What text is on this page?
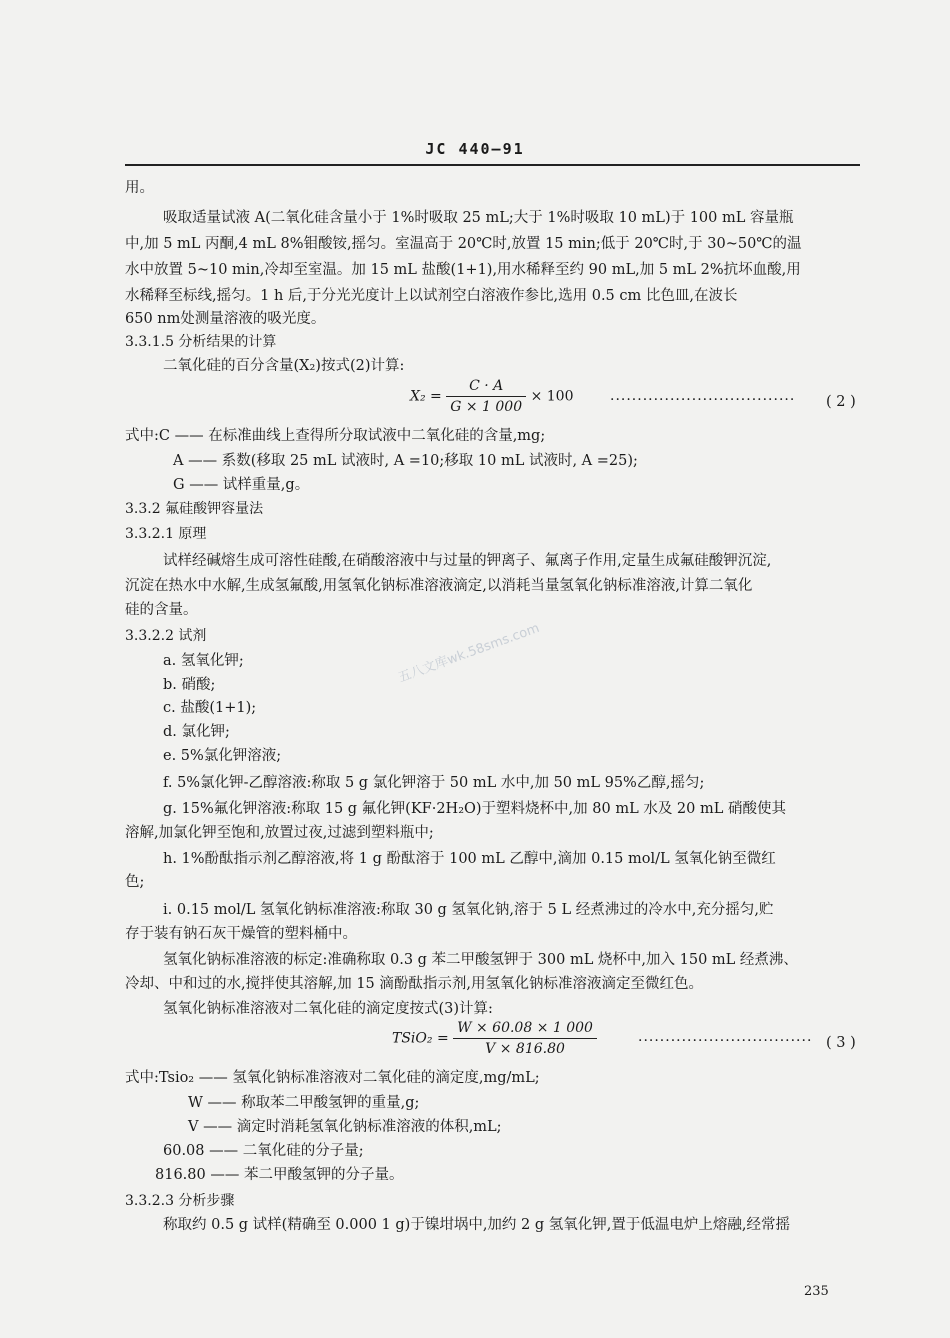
JC 440—91
用。
吸取适量试液 A(二氧化硅含量小于 1%时吸取 25 mL;大于 1%时吸取 10 mL)于 100 mL 容量瓶
中,加 5 mL 丙酮,4 mL 8%钼酸铵,摇匀。室温高于 20℃时,放置 15 min;低于 20℃时,于 30~50℃的温
水中放置 5~10 min,冷却至室温。加 15 mL 盐酸(1+1),用水稀释至约 90 mL,加 5 mL 2%抗坏血酸,用
水稀释至标线,摇匀。1 h 后,于分光光度计上以试剂空白溶液作参比,选用 0.5 cm 比色皿,在波长
650 nm处测量溶液的吸光度。
3.3.1.5 分析结果的计算
二氧化硅的百分含量(X₂)按式(2)计算:
$X_2 = \frac{C \cdot A}{G \times 1 000} \times 100$	·································· ( 2 )
式中:C —— 在标准曲线上查得所分取试液中二氧化硅的含量,mg;
A —— 系数(移取 25 mL 试液时, A =10;移取 10 mL 试液时, A =25);
G —— 试样重量,g。
3.3.2 氟硅酸钾容量法
3.3.2.1 原理
试样经碱熔生成可溶性硅酸,在硝酸溶液中与过量的钾离子、氟离子作用,定量生成氟硅酸钾沉淀,
沉淀在热水中水解,生成氢氟酸,用氢氧化钠标准溶液滴定,以消耗当量氢氧化钠标准溶液,计算二氧化
硅的含量。
3.3.2.2 试剂
a. 氢氧化钾;
b. 硝酸;
c. 盐酸(1+1);
d. 氯化钾;
e. 5%氯化钾溶液;
f. 5%氯化钾-乙醇溶液:称取 5 g 氯化钾溶于 50 mL 水中,加 50 mL 95%乙醇,摇匀;
g. 15%氟化钾溶液:称取 15 g 氟化钾(KF·2H₂O)于塑料烧杯中,加 80 mL 水及 20 mL 硝酸使其
溶解,加氯化钾至饱和,放置过夜,过滤到塑料瓶中;
h. 1%酚酞指示剂乙醇溶液,将 1 g 酚酞溶于 100 mL 乙醇中,滴加 0.15 mol/L 氢氧化钠至微红
色;
i. 0.15 mol/L 氢氧化钠标准溶液:称取 30 g 氢氧化钠,溶于 5 L 经煮沸过的冷水中,充分摇匀,贮
存于装有钠石灰干燥管的塑料桶中。
氢氧化钠标准溶液的标定:准确称取 0.3 g 苯二甲酸氢钾于 300 mL 烧杯中,加入 150 mL 经煮沸、
冷却、中和过的水,搅拌使其溶解,加 15 滴酚酞指示剂,用氢氧化钠标准溶液滴定至微红色。
氢氧化钠标准溶液对二氧化硅的滴定度按式(3)计算:
TSiO₂ = $\frac{W \times 60.08 \times 1 000}{V \times 816.80}$	································ ( 3 )
式中:Tsio₂ —— 氢氧化钠标准溶液对二氧化硅的滴定度,mg/mL;
W —— 称取苯二甲酸氢钾的重量,g;
V —— 滴定时消耗氢氧化钠标准溶液的体积,mL;
60.08 —— 二氧化硅的分子量;
816.80 —— 苯二甲酸氢钾的分子量。
3.3.2.3 分析步骤
称取约 0.5 g 试样(精确至 0.000 1 g)于镍坩埚中,加约 2 g 氢氧化钾,置于低温电炉上熔融,经常摇
五八文库wk.58sms.com
235
